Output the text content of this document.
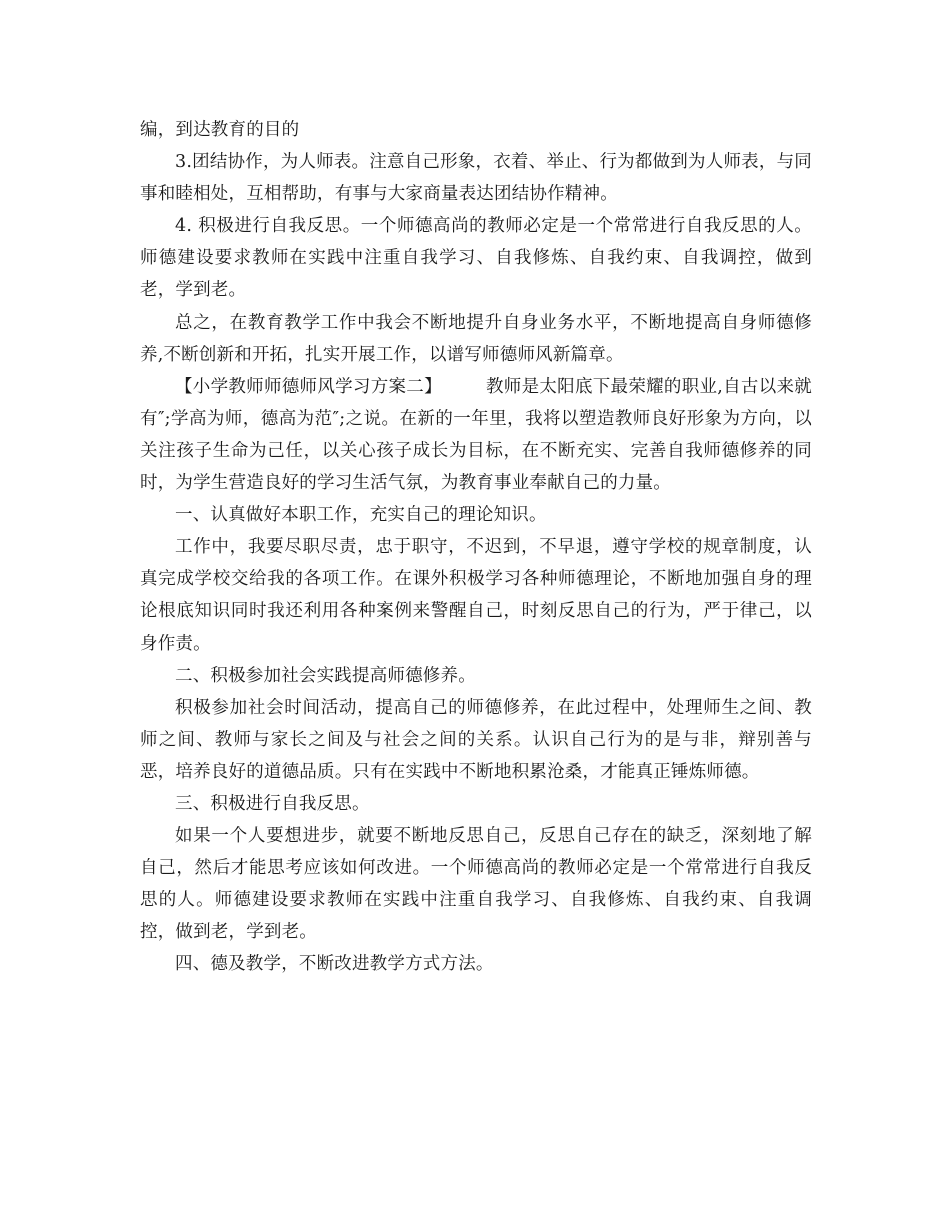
编，到达教育的目的

3.团结协作，为人师表。注意自己形象，衣着、举止、行为都做到为人师表，与同事和睦相处，互相帮助，有事与大家商量表达团结协作精神。

4. 积极进行自我反思。一个师德高尚的教师必定是一个常常进行自我反思的人。师德建设要求教师在实践中注重自我学习、自我修炼、自我约束、自我调控，做到老，学到老。

总之，在教育教学工作中我会不断地提升自身业务水平，不断地提高自身师德修养,不断创新和开拓，扎实开展工作，以谱写师德师风新篇章。

【小学教师师德师风学习方案二】	教师是太阳底下最荣耀的职业,自古以来就有″;学高为师，德高为范″;之说。在新的一年里，我将以塑造教师良好形象为方向，以关注孩子生命为己任，以关心孩子成长为目标，在不断充实、完善自我师德修养的同时，为学生营造良好的学习生活气氛，为教育事业奉献自己的力量。

一、认真做好本职工作，充实自己的理论知识。

工作中，我要尽职尽责，忠于职守，不迟到，不早退，遵守学校的规章制度，认真完成学校交给我的各项工作。在课外积极学习各种师德理论，不断地加强自身的理论根底知识同时我还利用各种案例来警醒自己，时刻反思自己的行为，严于律己，以身作责。

二、积极参加社会实践提高师德修养。

积极参加社会时间活动，提高自己的师德修养，在此过程中，处理师生之间、教师之间、教师与家长之间及与社会之间的关系。认识自己行为的是与非，辩别善与恶，培养良好的道德品质。只有在实践中不断地积累沧桑，才能真正锤炼师德。

三、积极进行自我反思。

如果一个人要想进步，就要不断地反思自己，反思自己存在的缺乏，深刻地了解自己，然后才能思考应该如何改进。一个师德高尚的教师必定是一个常常进行自我反思的人。师德建设要求教师在实践中注重自我学习、自我修炼、自我约束、自我调控，做到老，学到老。

四、德及教学，不断改进教学方式方法。
